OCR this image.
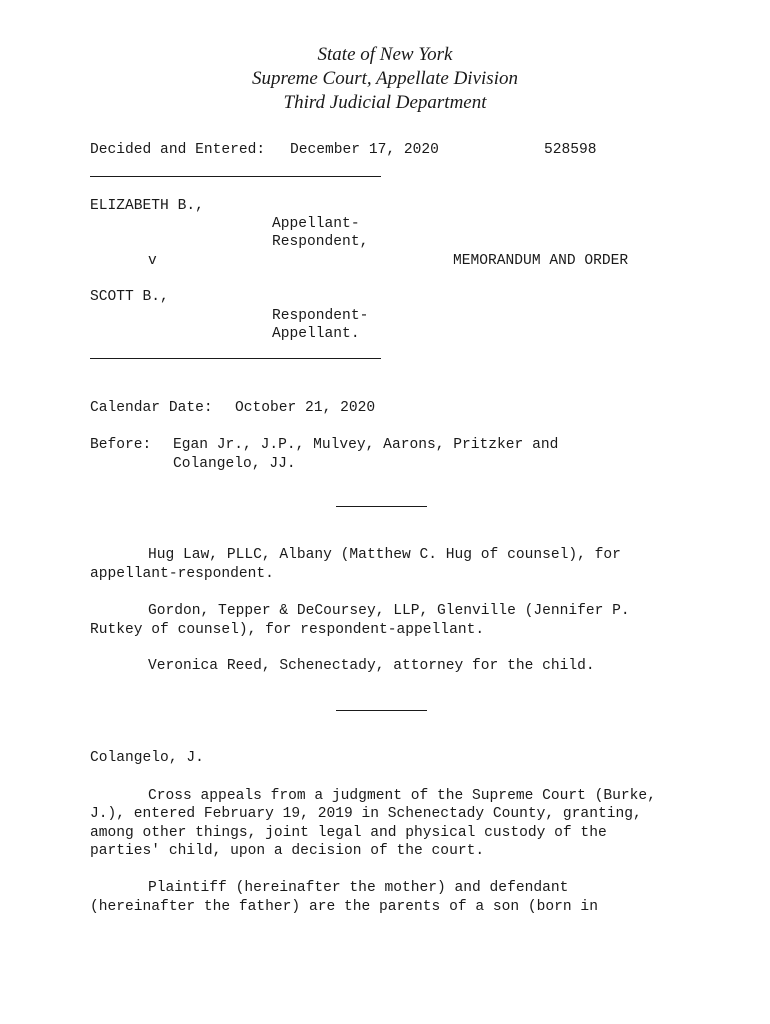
State of New York
Supreme Court, Appellate Division
Third Judicial Department
Decided and Entered: December 17, 2020	528598
ELIZABETH B.,
Appellant-
Respondent,
v	MEMORANDUM AND ORDER
SCOTT B.,
Respondent-
Appellant.
Calendar Date: October 21, 2020
Before: Egan Jr., J.P., Mulvey, Aarons, Pritzker and
Colangelo, JJ.
Hug Law, PLLC, Albany (Matthew C. Hug of counsel), for
appellant-respondent.
Gordon, Tepper & DeCoursey, LLP, Glenville (Jennifer P.
Rutkey of counsel), for respondent-appellant.
Veronica Reed, Schenectady, attorney for the child.
Colangelo, J.
Cross appeals from a judgment of the Supreme Court (Burke,
J.), entered February 19, 2019 in Schenectady County, granting,
among other things, joint legal and physical custody of the
parties' child, upon a decision of the court.
Plaintiff (hereinafter the mother) and defendant
(hereinafter the father) are the parents of a son (born in
